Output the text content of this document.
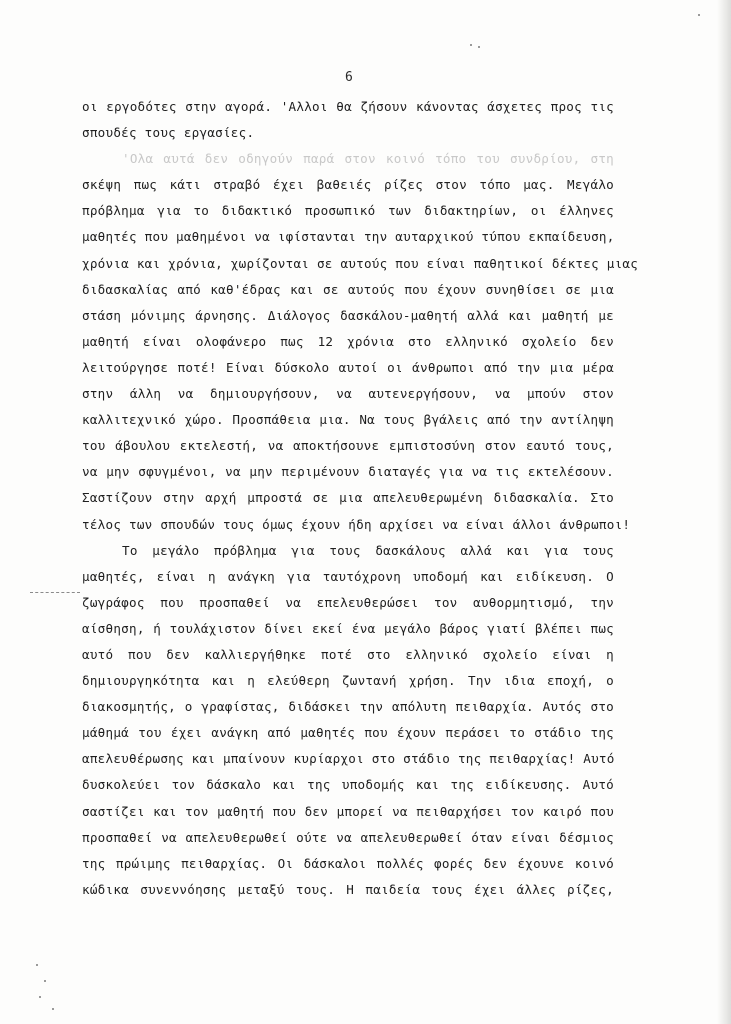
6
οι εργοδότες στην αγορά. 'Αλλοι θα ζήσουν κάνοντας άσχετες προς τις
σπουδές τους εργασίες.
'Ολα αυτά δεν οδηγούν παρά στον κοινό τόπο του συνδρίου, στη
σκέψη πως κάτι στραβό έχει βαθειές ρίζες στον τόπο μας. Μεγάλο
πρόβλημα για το διδακτικό προσωπικό των διδακτηρίων, οι έλληνες
μαθητές που μαθημένοι να ιφίστανται την αυταρχικού τύπου εκπαίδευση,
χρόνια και χρόνια, χωρίζονται σε αυτούς που είναι παθητικοί δέκτες μιας
διδασκαλίας από καθ'έδρας και σε αυτούς που έχουν συνηθίσει σε μια
στάση μόνιμης άρνησης. Διάλογος δασκάλου-μαθητή αλλά και μαθητή με
μαθητή είναι ολοφάνερο πως 12 χρόνια στο ελληνικό σχολείο δεν
λειτούργησε ποτέ! Είναι δύσκολο αυτοί οι άνθρωποι από την μια μέρα
στην άλλη να δημιουργήσουν, να αυτενεργήσουν, να μπούν στον
καλλιτεχνικό χώρο. Προσπάθεια μια. Να τους βγάλεις από την αντίληψη
του άβουλου εκτελεστή, να αποκτήσουνε εμπιστοσύνη στον εαυτό τους,
να μην σφυγμένοι, να μην περιμένουν διαταγές για να τις εκτελέσουν.
Σαστίζουν στην αρχή μπροστά σε μια απελευθερωμένη διδασκαλία. Στο
τέλος των σπουδών τους όμως έχουν ήδη αρχίσει να είναι άλλοι άνθρωποι!
Το μεγάλο πρόβλημα για τους δασκάλους αλλά και για τους
μαθητές, είναι η ανάγκη για ταυτόχρονη υποδομή και ειδίκευση. Ο
ζωγράφος που προσπαθεί να επελευθερώσει τον αυθορμητισμό, την
αίσθηση, ή τουλάχιστον δίνει εκεί ένα μεγάλο βάρος γιατί βλέπει πως
αυτό που δεν καλλιεργήθηκε ποτέ στο ελληνικό σχολείο είναι η
δημιουργηκότητα και η ελεύθερη ζωντανή χρήση. Την ιδια εποχή, ο
διακοσμητής, ο γραφίστας, διδάσκει την απόλυτη πειθαρχία. Αυτός στο
μάθημά του έχει ανάγκη από μαθητές που έχουν περάσει το στάδιο της
απελευθέρωσης και μπαίνουν κυρίαρχοι στο στάδιο της πειθαρχίας! Αυτό
δυσκολεύει τον δάσκαλο και της υποδομής και της ειδίκευσης. Αυτό
σαστίζει και τον μαθητή που δεν μπορεί να πειθαρχήσει τον καιρό που
προσπαθεί να απελευθερωθεί ούτε να απελευθερωθεί όταν είναι δέσμιος
της πρώιμης πειθαρχίας. Οι δάσκαλοι πολλές φορές δεν έχουνε κοινό
κώδικα συνεννόησης μεταξύ τους. Η παιδεία τους έχει άλλες ρίζες,
